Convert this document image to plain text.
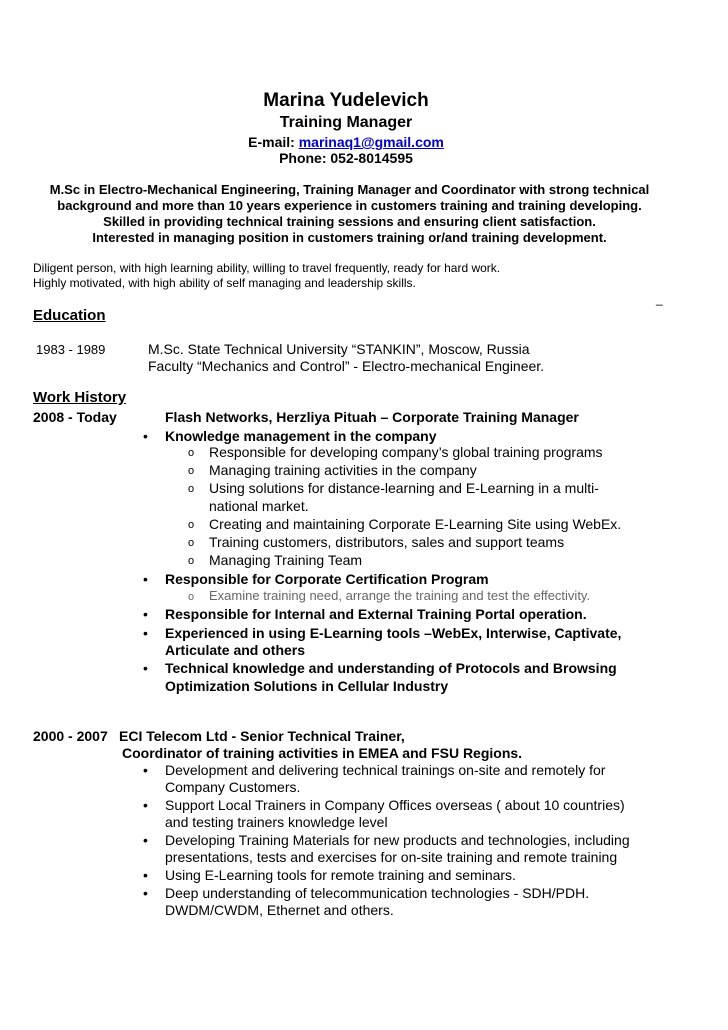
Marina Yudelevich
Training Manager
E-mail: marinaq1@gmail.com
Phone: 052-8014595
M.Sc in Electro-Mechanical Engineering, Training Manager and Coordinator with strong technical
background and more than 10 years experience in customers training and training developing.
Skilled in providing technical training sessions and ensuring client satisfaction.
Interested in managing position in customers training or/and training development.
Diligent person, with high learning ability, willing to travel frequently, ready for hard work.
Highly motivated, with high ability of self managing and leadership skills.
_
Education
1983 - 1989	M.Sc. State Technical University “STANKIN”, Moscow, Russia
Faculty “Mechanics and Control” - Electro-mechanical Engineer.
Work History
2008 - Today	Flash Networks, Herzliya Pituah – Corporate Training Manager
• Knowledge management in the company
o Responsible for developing company’s global training programs
o Managing training activities in the company
o Using solutions for distance-learning and E-Learning in a multi-
national market.
o Creating and maintaining Corporate E-Learning Site using WebEx.
o Training customers, distributors, sales and support teams
o Managing Training Team
• Responsible for Corporate Certification Program
o Examine training need, arrange the training and test the effectivity.
• Responsible for Internal and External Training Portal operation.
• Experienced in using E-Learning tools –WebEx, Interwise, Captivate,
Articulate and others
• Technical knowledge and understanding of Protocols and Browsing
Optimization Solutions in Cellular Industry
2000 - 2007 ECI Telecom Ltd - Senior Technical Trainer,
Coordinator of training activities in EMEA and FSU Regions.
• Development and delivering technical trainings on-site and remotely for
Company Customers.
• Support Local Trainers in Company Offices overseas ( about 10 countries)
and testing trainers knowledge level
• Developing Training Materials for new products and technologies, including
presentations, tests and exercises for on-site training and remote training
• Using E-Learning tools for remote training and seminars.
• Deep understanding of telecommunication technologies - SDH/PDH.
DWDM/CWDM, Ethernet and others.
